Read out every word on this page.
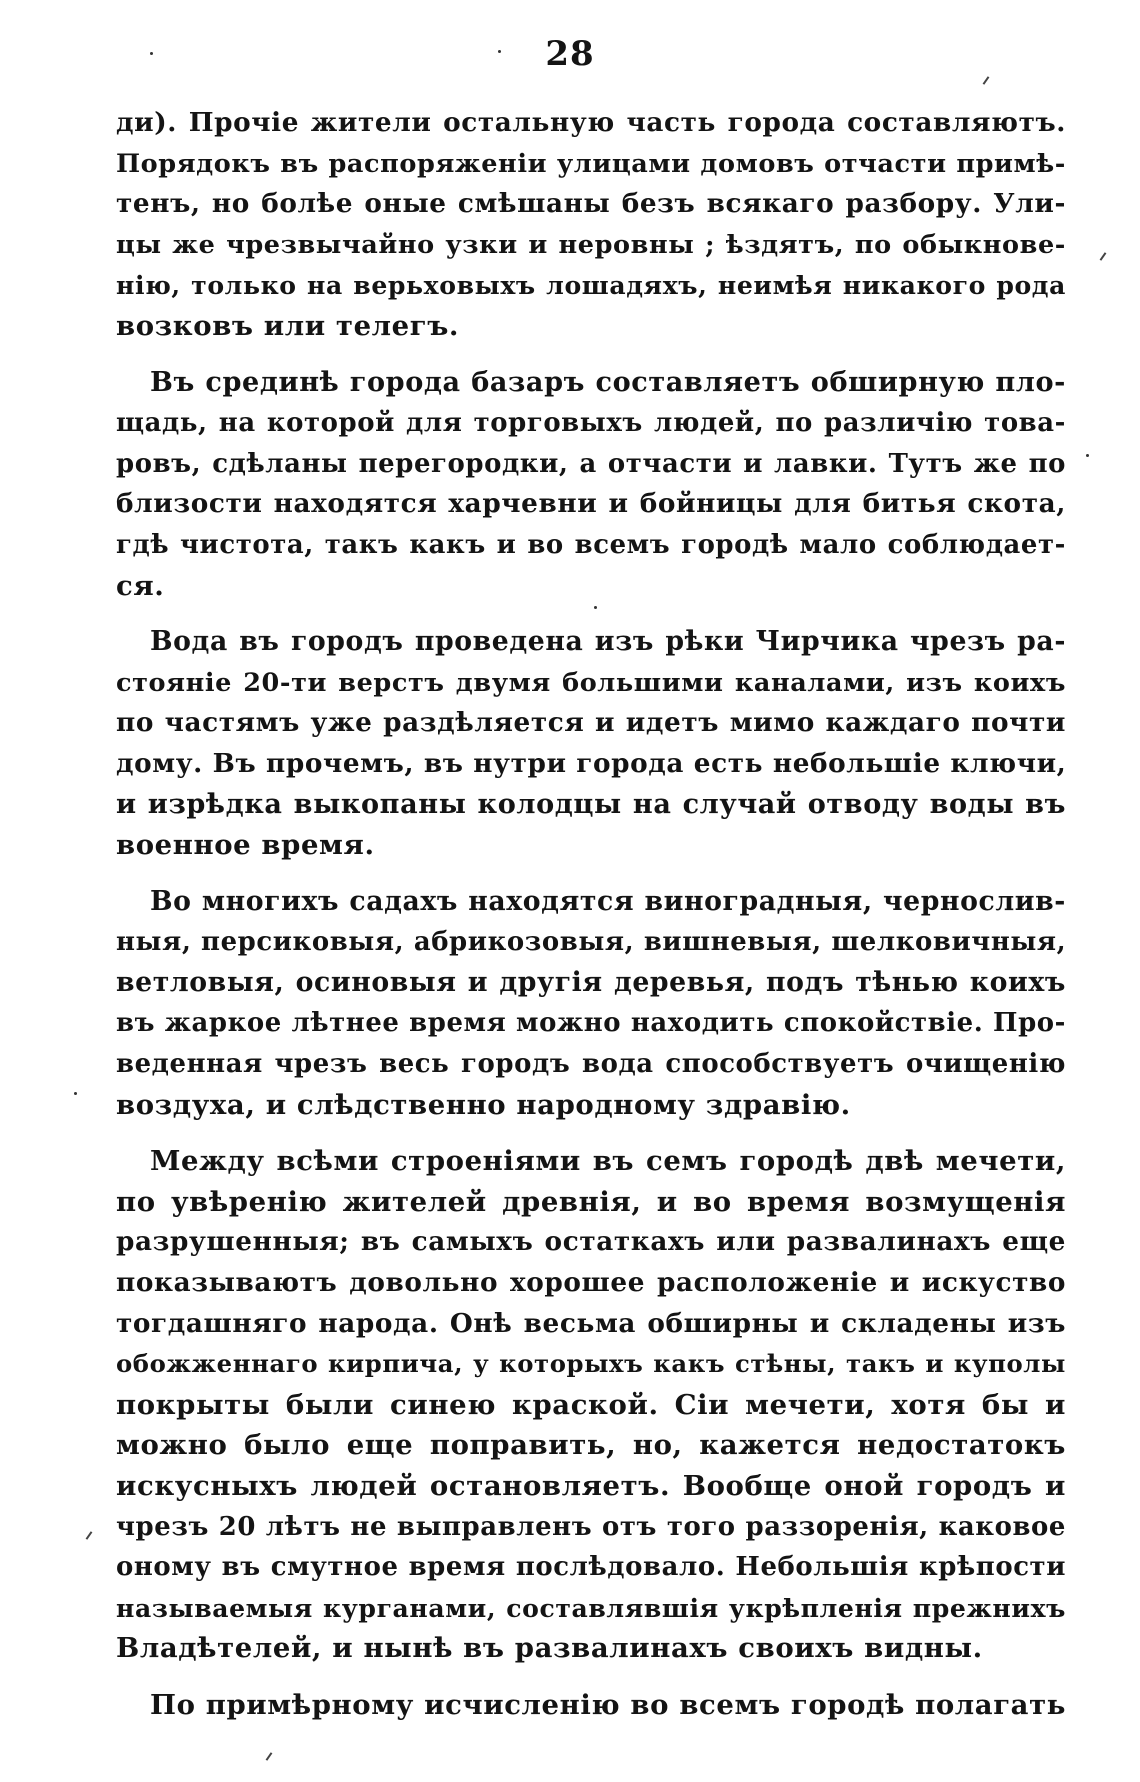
28
ди). Прочіе жители остальную часть города составляютъ.
Порядокъ въ распоряженіи улицами домовъ отчасти примѣ-
тенъ, но болѣе оные смѣшаны безъ всякаго разбору. Ули-
цы же чрезвычайно узки и неровны ; ѣздятъ, по обыкнове-
нію, только на верьховыхъ лошадяхъ, неимѣя никакого рода
возковъ или телегъ.
Въ срединѣ города базаръ составляетъ обширную пло-
щадь, на которой для торговыхъ людей, по различію това-
ровъ, сдѣланы перегородки, а отчасти и лавки. Тутъ же по
близости находятся харчевни и бойницы для битья скота,
гдѣ чистота, такъ какъ и во всемъ городѣ мало соблюдает-
ся.
Вода въ городъ проведена изъ рѣки Чирчика чрезъ ра-
стояніе 20-ти верстъ двумя большими каналами, изъ коихъ
по частямъ уже раздѣляется и идетъ мимо каждаго почти
дому. Въ прочемъ, въ нутри города есть небольшіе ключи,
и изрѣдка выкопаны колодцы на случай отводу воды въ
военное время.
Во многихъ садахъ находятся виноградныя, чернослив-
ныя, персиковыя, абрикозовыя, вишневыя, шелковичныя,
ветловыя, осиновыя и другія деревья, подъ тѣнью коихъ
въ жаркое лѣтнее время можно находить спокойствіе. Про-
веденная чрезъ весь городъ вода способствуетъ очищенію
воздуха, и слѣдственно народному здравію.
Между всѣми строеніями въ семъ городѣ двѣ мечети,
по увѣренію жителей древнія, и во время возмущенія
разрушенныя; въ самыхъ остаткахъ или развалинахъ еще
показываютъ довольно хорошее расположеніе и искуство
тогдашняго народа. Онѣ весьма обширны и складены изъ
обожженнаго кирпича, у которыхъ какъ стѣны, такъ и куполы
покрыты были синею краской. Сіи мечети, хотя бы и
можно было еще поправить, но, кажется недостатокъ
искусныхъ людей остановляетъ. Вообще оной городъ и
чрезъ 20 лѣтъ не выправленъ отъ того раззоренія, каковое
оному въ смутное время послѣдовало. Небольшія крѣпости
называемыя курганами, составлявшія укрѣпленія прежнихъ
Владѣтелей, и нынѣ въ развалинахъ своихъ видны.
По примѣрному исчисленію во всемъ городѣ полагать
